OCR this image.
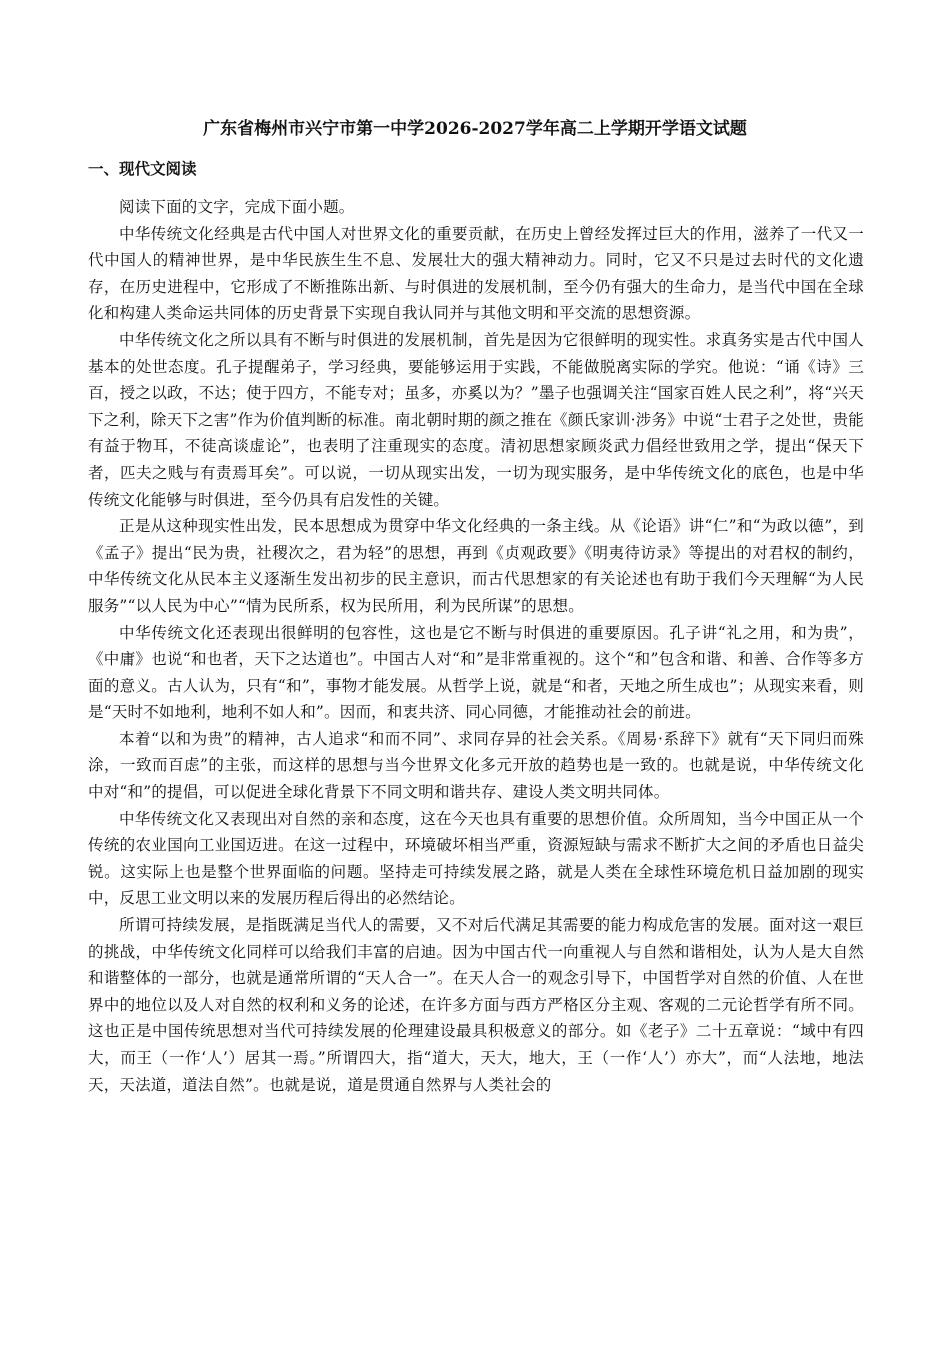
广东省梅州市兴宁市第一中学2026-2027学年高二上学期开学语文试题
一、现代文阅读

阅读下面的文字，完成下面小题。

中华传统文化经典是古代中国人对世界文化的重要贡献，在历史上曾经发挥过巨大的作用，滋养了一代又一代中国人的精神世界，是中华民族生生不息、发展壮大的强大精神动力。同时，它又不只是过去时代的文化遗存，在历史进程中，它形成了不断推陈出新、与时俱进的发展机制，至今仍有强大的生命力，是当代中国在全球化和构建人类命运共同体的历史背景下实现自我认同并与其他文明和平交流的思想资源。

中华传统文化之所以具有不断与时俱进的发展机制，首先是因为它很鲜明的现实性。求真务实是古代中国人基本的处世态度。孔子提醒弟子，学习经典，要能够运用于实践，不能做脱离实际的学究。他说：“诵《诗》三百，授之以政，不达；使于四方，不能专对；虽多，亦奚以为？”墨子也强调关注“国家百姓人民之利”，将“兴天下之利，除天下之害”作为价值判断的标准。南北朝时期的颜之推在《颜氏家训·涉务》中说“士君子之处世，贵能有益于物耳，不徒高谈虚论”，也表明了注重现实的态度。清初思想家顾炎武力倡经世致用之学，提出“保天下者，匹夫之贱与有责焉耳矣”。可以说，一切从现实出发，一切为现实服务，是中华传统文化的底色，也是中华传统文化能够与时俱进，至今仍具有启发性的关键。

正是从这种现实性出发，民本思想成为贯穿中华文化经典的一条主线。从《论语》讲“仁”和“为政以德”，到《孟子》提出“民为贵，社稷次之，君为轻”的思想，再到《贞观政要》《明夷待访录》等提出的对君权的制约，中华传统文化从民本主义逐渐生发出初步的民主意识，而古代思想家的有关论述也有助于我们今天理解“为人民服务”“以人民为中心”“情为民所系，权为民所用，利为民所谋”的思想。

中华传统文化还表现出很鲜明的包容性，这也是它不断与时俱进的重要原因。孔子讲“礼之用，和为贵”，《中庸》也说“和也者，天下之达道也”。中国古人对“和”是非常重视的。这个“和”包含和谐、和善、合作等多方面的意义。古人认为，只有“和”，事物才能发展。从哲学上说，就是“和者，天地之所生成也”；从现实来看，则是“天时不如地利，地利不如人和”。因而，和衷共济、同心同德，才能推动社会的前进。

本着“以和为贵”的精神，古人追求“和而不同”、求同存异的社会关系。《周易·系辞下》就有“天下同归而殊涂，一致而百虑”的主张，而这样的思想与当今世界文化多元开放的趋势也是一致的。也就是说，中华传统文化中对“和”的提倡，可以促进全球化背景下不同文明和谐共存、建设人类文明共同体。

中华传统文化又表现出对自然的亲和态度，这在今天也具有重要的思想价值。众所周知，当今中国正从一个传统的农业国向工业国迈进。在这一过程中，环境破坏相当严重，资源短缺与需求不断扩大之间的矛盾也日益尖锐。这实际上也是整个世界面临的问题。坚持走可持续发展之路，就是人类在全球性环境危机日益加剧的现实中，反思工业文明以来的发展历程后得出的必然结论。

所谓可持续发展，是指既满足当代人的需要，又不对后代满足其需要的能力构成危害的发展。面对这一艰巨的挑战，中华传统文化同样可以给我们丰富的启迪。因为中国古代一向重视人与自然和谐相处，认为人是大自然和谐整体的一部分，也就是通常所谓的“天人合一”。在天人合一的观念引导下，中国哲学对自然的价值、人在世界中的地位以及人对自然的权利和义务的论述，在许多方面与西方严格区分主观、客观的二元论哲学有所不同。这也正是中国传统思想对当代可持续发展的伦理建设最具积极意义的部分。如《老子》二十五章说：“域中有四大，而王（一作‘人’）居其一焉。”所谓四大，指“道大，天大，地大，王（一作‘人’）亦大”，而“人法地，地法天，天法道，道法自然”。也就是说，道是贯通自然界与人类社会的
